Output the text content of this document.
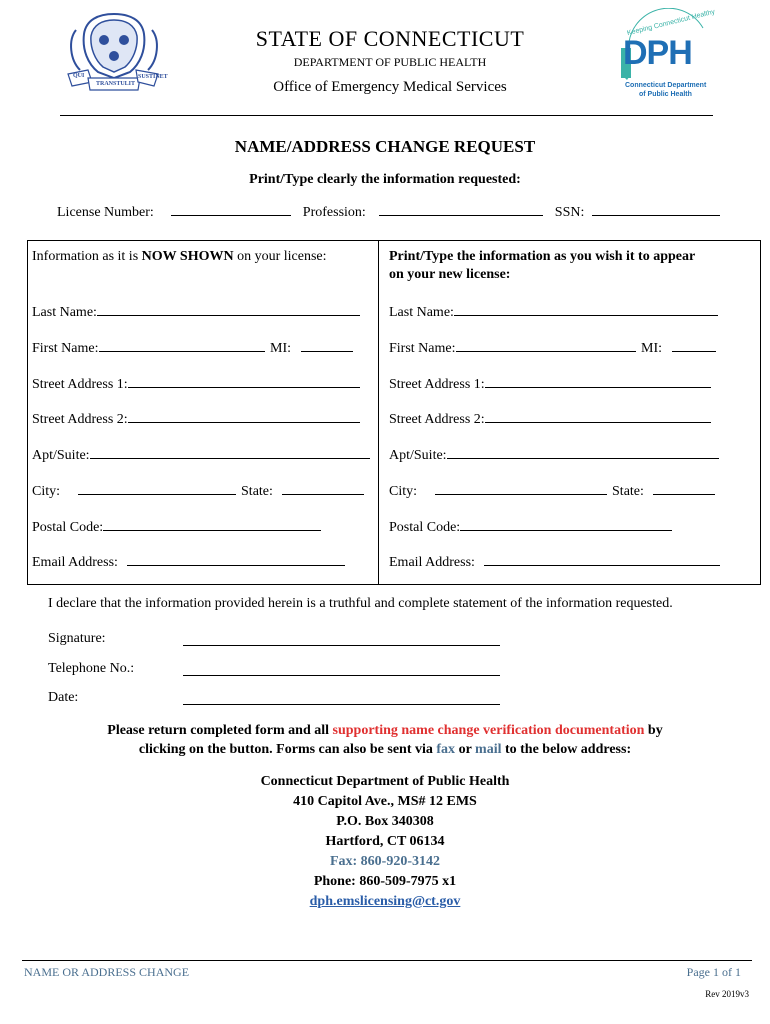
QUI
TRANSTULIT
SUSTINET
STATE OF CONNECTICUT
DEPARTMENT OF PUBLIC HEALTH
Office of Emergency Medical Services
Keeping Connecticut Healthy
DPH
Connecticut Department
of Public Health
NAME/ADDRESS CHANGE REQUEST
Print/Type clearly the information requested:
License Number:	Profession:	SSN:
Information as it is NOW SHOWN on your license:
Last Name:
First Name:	MI:
Street Address 1:
Street Address 2:
Apt/Suite:
City:	State:
Postal Code:
Email Address:
Print/Type the information as you wish it to appear
on your new license:
Last Name:
First Name:	MI:
Street Address 1:
Street Address 2:
Apt/Suite:
City:	State:
Postal Code:
Email Address:
I declare that the information provided herein is a truthful and complete statement of the information requested.
Signature:
Telephone No.:
Date:
Please return completed form and all supporting name change verification documentation by
clicking on the button. Forms can also be sent via fax or mail to the below address:
Connecticut Department of Public Health
410 Capitol Ave., MS# 12 EMS
P.O. Box 340308
Hartford, CT 06134
Fax: 860-920-3142
Phone: 860-509-7975 x1
dph.emslicensing@ct.gov
NAME OR ADDRESS CHANGE	Page 1 of 1
Rev 2019v3
